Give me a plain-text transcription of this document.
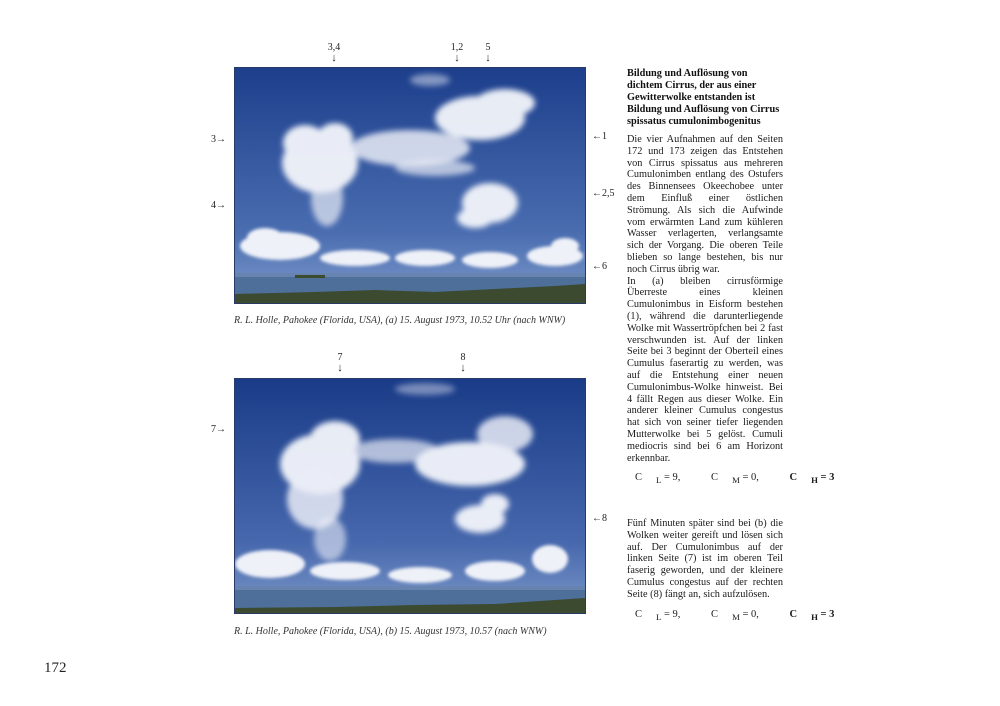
3,4
↓
1,2
↓
5
↓
3→
4→
←1
←2,5
←6
R. L. Holle, Pahokee (Florida, USA), (a) 15. August 1973, 10.52 Uhr (nach WNW)
7
↓
8
↓
7→
←8
R. L. Holle, Pahokee (Florida, USA), (b) 15. August 1973, 10.57 (nach WNW)
Bildung und Auflösung von dichtem Cirrus, der aus einer Gewitterwolke entstanden ist
Bildung und Auflösung von Cirrus spissatus cumulonimbogenitus
Die vier Aufnahmen auf den Seiten 172 und 173 zeigen das Entstehen von Cirrus spissatus aus mehreren Cumulonimben entlang des Ostufers des Binnensees Okeechobee unter dem Einfluß einer östlichen Strömung. Als sich die Aufwinde vom erwärmten Land zum kühleren Wasser verlagerten, verlangsamte sich der Vorgang. Die oberen Teile blieben so lange bestehen, bis nur noch Cirrus übrig war.
In (a) bleiben cirrusförmige Überreste eines kleinen Cumulonimbus in Eisform bestehen (1), während die darunterliegende Wolke mit Wassertröpfchen bei 2 fast verschwunden ist. Auf der linken Seite bei 3 beginnt der Oberteil eines Cumulus faserartig zu werden, was auf die Entstehung einer neuen Cumulonimbus-Wolke hinweist. Bei 4 fällt Regen aus dieser Wolke. Ein anderer kleiner Cumulus congestus hat sich von seiner tiefer liegenden Mutterwolke bei 5 gelöst. Cumuli mediocris sind bei 6 am Horizont erkennbar.
C $_L$ = 9,	C $_M$ = 0,	C $_H$ = 3
Fünf Minuten später sind bei (b) die Wolken weiter gereift und lösen sich auf. Der Cumulonimbus auf der linken Seite (7) ist im oberen Teil faserig geworden, und der kleinere Cumulus congestus auf der rechten Seite (8) fängt an, sich aufzulösen.
C $_L$ = 9,	C $_M$ = 0,	C $_H$ = 3
172
